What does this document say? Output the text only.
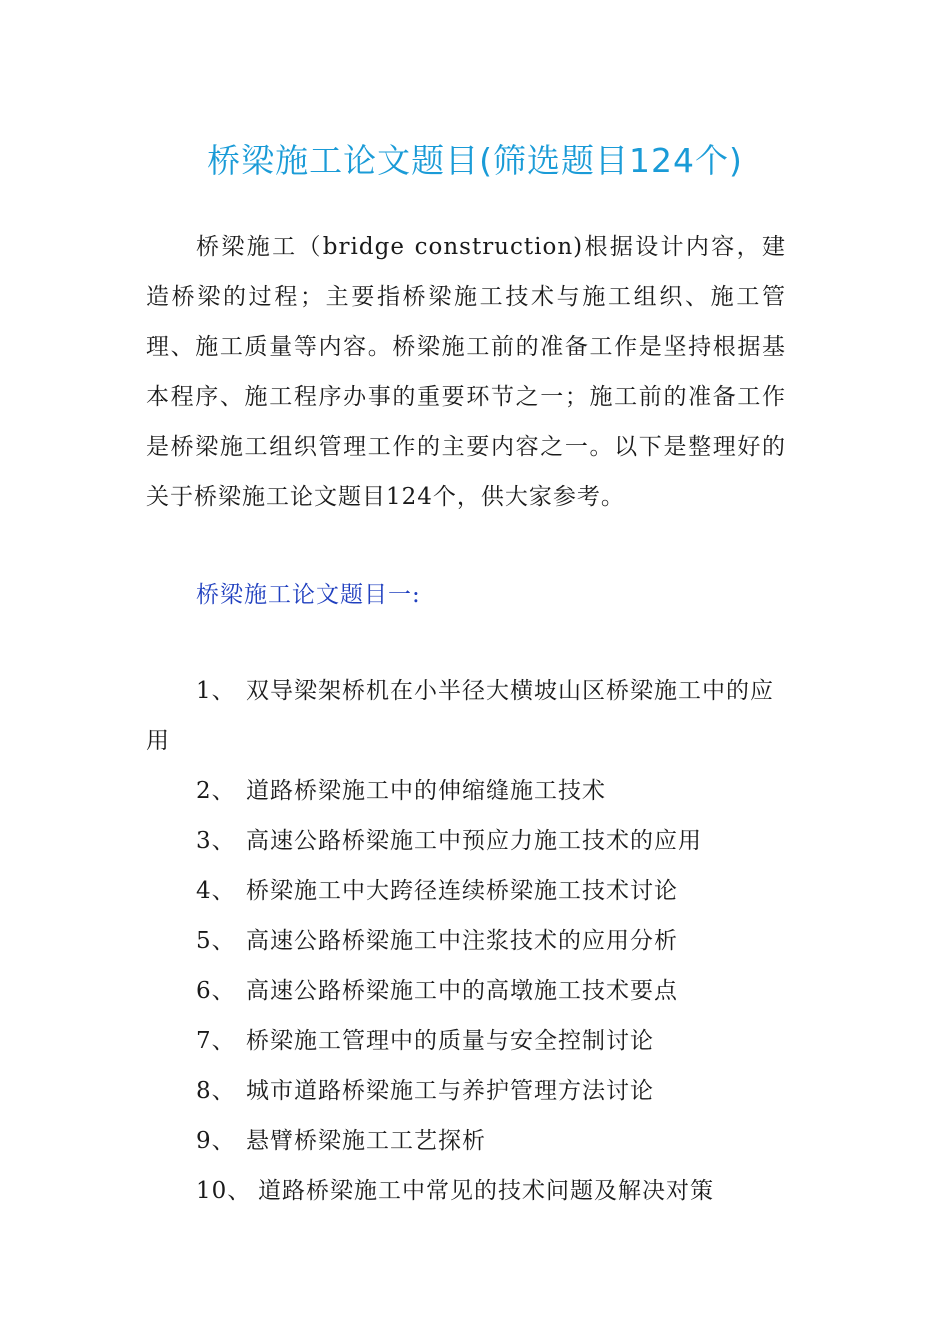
桥梁施工论文题目(筛选题目124个)

桥梁施工（bridge construction)根据设计内容，建造桥梁的过程；主要指桥梁施工技术与施工组织、施工管理、施工质量等内容。桥梁施工前的准备工作是坚持根据基本程序、施工程序办事的重要环节之一；施工前的准备工作是桥梁施工组织管理工作的主要内容之一。以下是整理好的关于桥梁施工论文题目124个，供大家参考。

桥梁施工论文题目一:
1、 双导梁架桥机在小半径大横坡山区桥梁施工中的应用
2、 道路桥梁施工中的伸缩缝施工技术
3、 高速公路桥梁施工中预应力施工技术的应用
4、 桥梁施工中大跨径连续桥梁施工技术讨论
5、 高速公路桥梁施工中注浆技术的应用分析
6、 高速公路桥梁施工中的高墩施工技术要点
7、 桥梁施工管理中的质量与安全控制讨论
8、 城市道路桥梁施工与养护管理方法讨论
9、 悬臂桥梁施工工艺探析
10、 道路桥梁施工中常见的技术问题及解决对策
